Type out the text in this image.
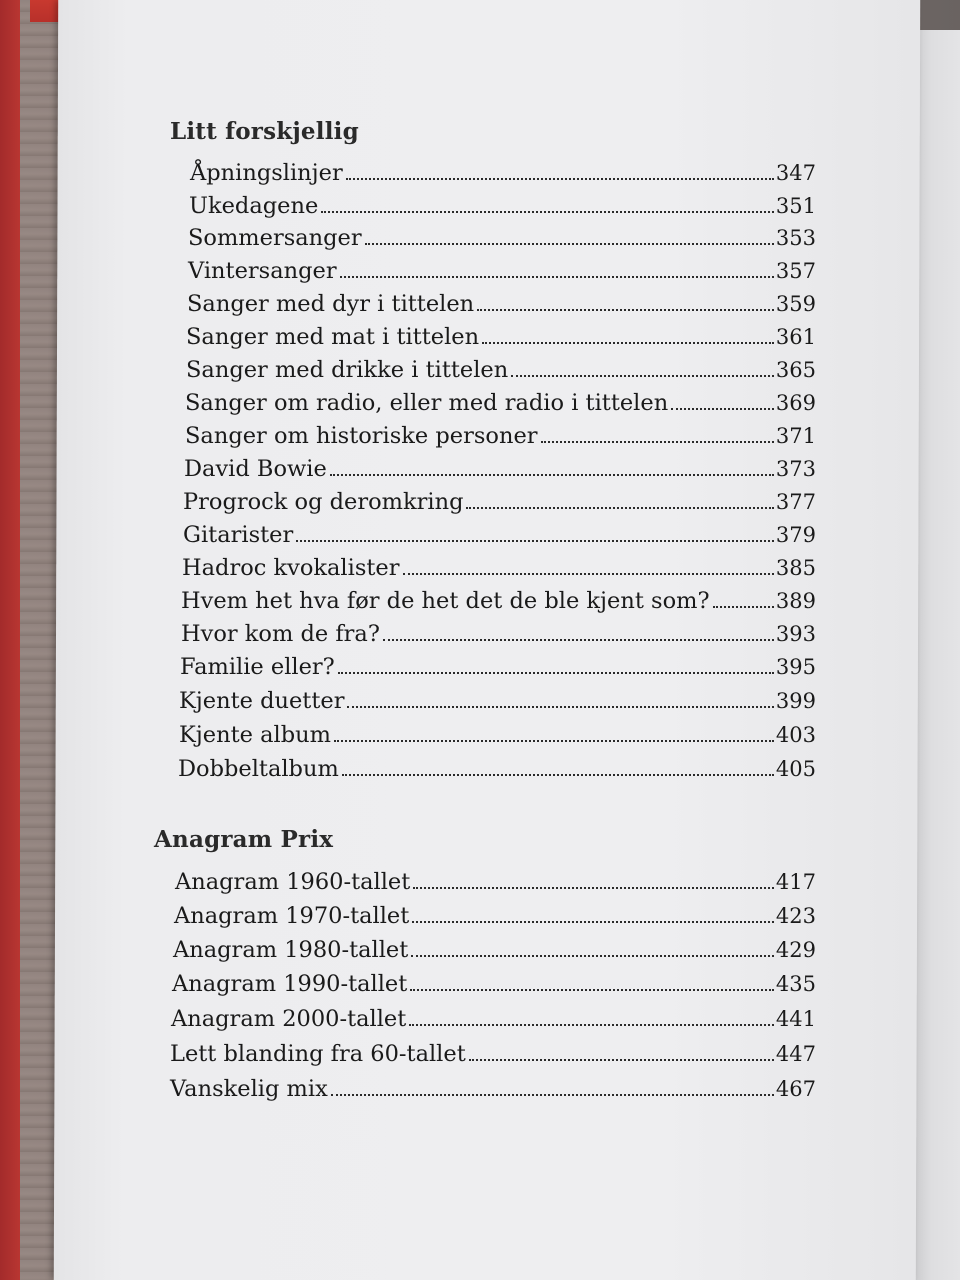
Litt forskjellig
Åpningslinjer	347
Ukedagene	351
Sommersanger	353
Vintersanger	357
Sanger med dyr i tittelen	359
Sanger med mat i tittelen	361
Sanger med drikke i tittelen	365
Sanger om radio, eller med radio i tittelen	369
Sanger om historiske personer	371
David Bowie	373
Progrock og deromkring	377
Gitarister	379
Hadroc kvokalister	385
Hvem het hva før de het det de ble kjent som?	389
Hvor kom de fra?	393
Familie eller?	395
Kjente duetter	399
Kjente album	403
Dobbeltalbum	405
Anagram Prix
Anagram 1960-tallet	417
Anagram 1970-tallet	423
Anagram 1980-tallet	429
Anagram 1990-tallet	435
Anagram 2000-tallet	441
Lett blanding fra 60-tallet	447
Vanskelig mix	467
